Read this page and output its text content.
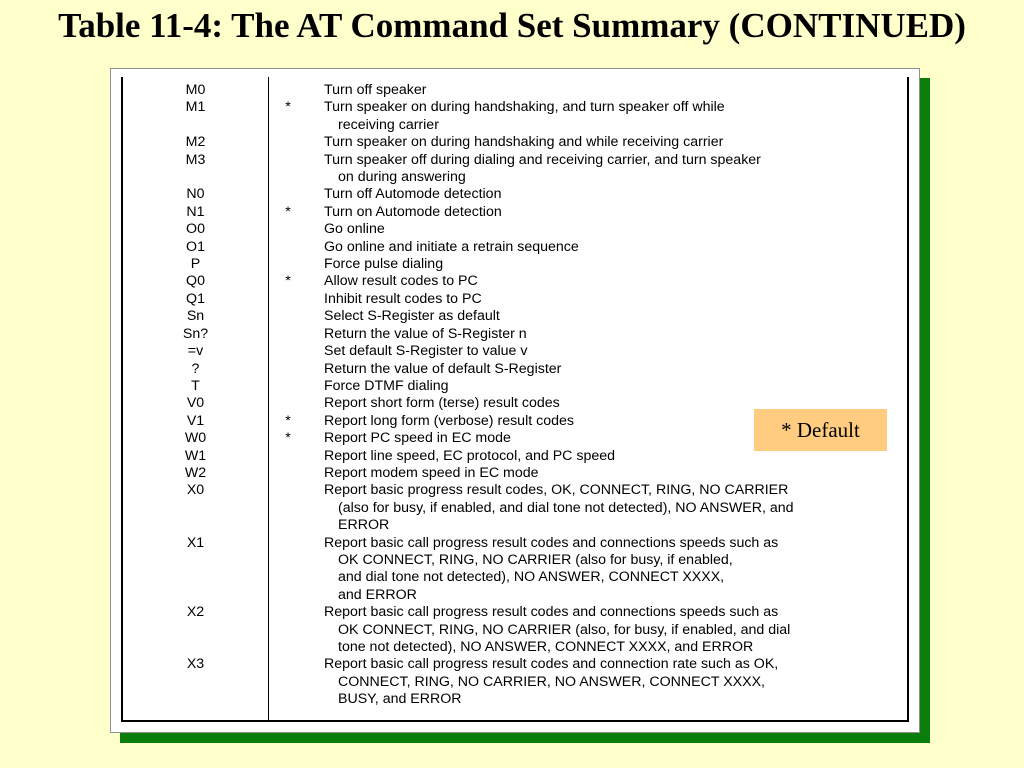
Table 11-4: The AT Command Set Summary (CONTINUED)
M0	Turn off speaker
M1	*	Turn speaker on during handshaking, and turn speaker off while
receiving carrier
M2	Turn speaker on during handshaking and while receiving carrier
M3	Turn speaker off during dialing and receiving carrier, and turn speaker
on during answering
N0	Turn off Automode detection
N1	*	Turn on Automode detection
O0	Go online
O1	Go online and initiate a retrain sequence
P	Force pulse dialing
Q0	*	Allow result codes to PC
Q1	Inhibit result codes to PC
Sn	Select S-Register as default
Sn?	Return the value of S-Register n
=v	Set default S-Register to value v
?	Return the value of default S-Register
T	Force DTMF dialing
V0	Report short form (terse) result codes
V1	*	Report long form (verbose) result codes
W0	*	Report PC speed in EC mode
W1	Report line speed, EC protocol, and PC speed
W2	Report modem speed in EC mode
X0	Report basic progress result codes, OK, CONNECT, RING, NO CARRIER
(also for busy, if enabled, and dial tone not detected), NO ANSWER, and
ERROR
X1	Report basic call progress result codes and connections speeds such as
OK CONNECT, RING, NO CARRIER (also for busy, if enabled,
and dial tone not detected), NO ANSWER, CONNECT XXXX,
and ERROR
X2	Report basic call progress result codes and connections speeds such as
OK CONNECT, RING, NO CARRIER (also, for busy, if enabled, and dial
tone not detected), NO ANSWER, CONNECT XXXX, and ERROR
X3	Report basic call progress result codes and connection rate such as OK,
CONNECT, RING, NO CARRIER, NO ANSWER, CONNECT XXXX,
BUSY, and ERROR
* Default
